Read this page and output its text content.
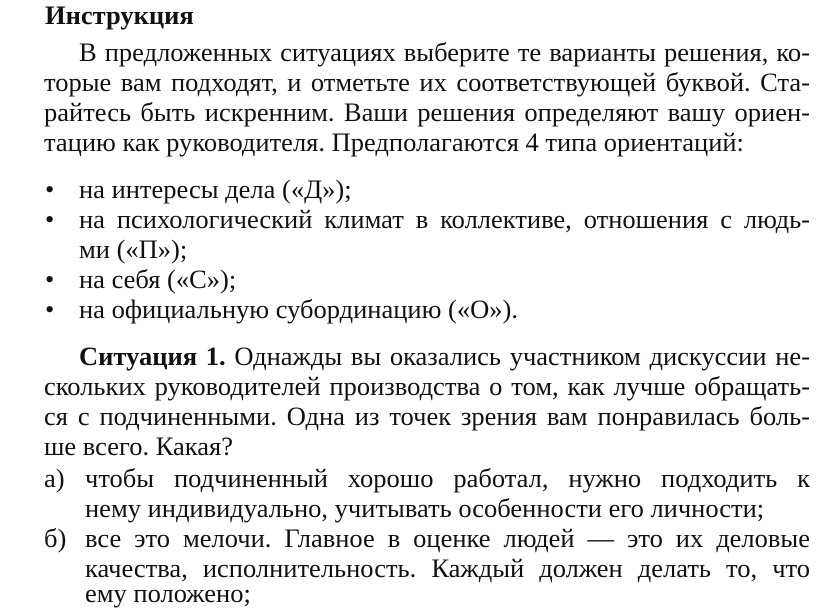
Инструкция
В предложенных ситуациях выберите те варианты решения, ко-
торые вам подходят, и отметьте их соответствующей буквой. Ста-
райтесь быть искренним. Ваши решения определяют вашу ориен-
тацию как руководителя. Предполагаются 4 типа ориентаций:
• на интересы дела («Д»);
• на психологический климат в коллективе, отношения с людь-
ми («П»);
• на себя («С»);
• на официальную субординацию («О»).
Ситуация 1. Однажды вы оказались участником дискуссии не-
скольких руководителей производства о том, как лучше обращать-
ся с подчиненными. Одна из точек зрения вам понравилась боль-
ше всего. Какая?
а) чтобы подчиненный хорошо работал, нужно подходить к
нему индивидуально, учитывать особенности его личности;
б) все это мелочи. Главное в оценке людей — это их деловые
качества, исполнительность. Каждый должен делать то, что
ему положено;
